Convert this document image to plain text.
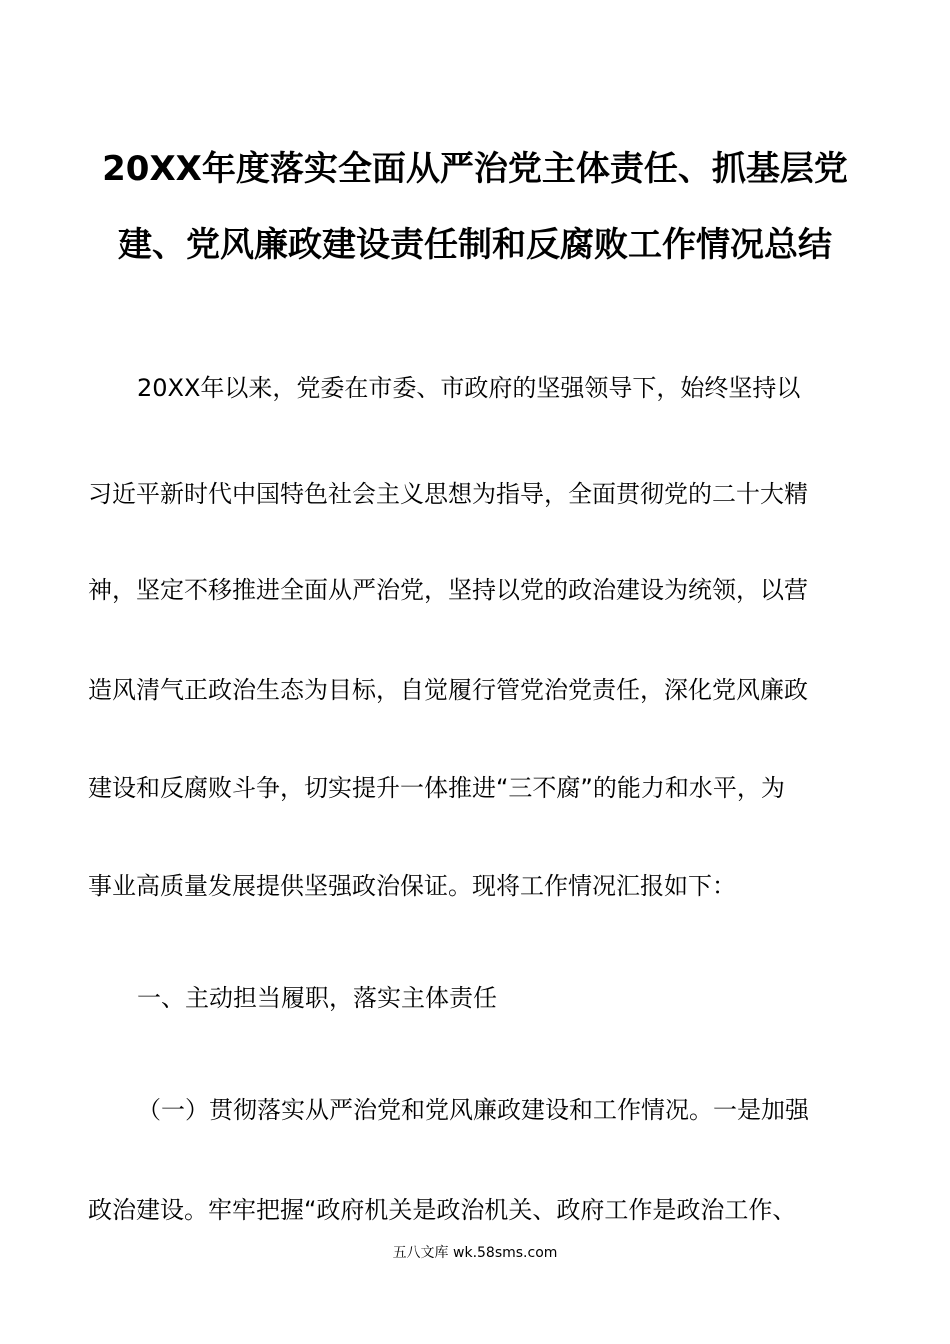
20XX年度落实全面从严治党主体责任、抓基层党
建、党风廉政建设责任制和反腐败工作情况总结
20XX年以来，党委在市委、市政府的坚强领导下，始终坚持以
习近平新时代中国特色社会主义思想为指导，全面贯彻党的二十大精
神，坚定不移推进全面从严治党，坚持以党的政治建设为统领，以营
造风清气正政治生态为目标，自觉履行管党治党责任，深化党风廉政
建设和反腐败斗争，切实提升一体推进“三不腐”的能力和水平，为
事业高质量发展提供坚强政治保证。现将工作情况汇报如下：
一、主动担当履职，落实主体责任
（一）贯彻落实从严治党和党风廉政建设和工作情况。一是加强
政治建设。牢牢把握“政府机关是政治机关、政府工作是政治工作、
五八文库 wk.58sms.com
